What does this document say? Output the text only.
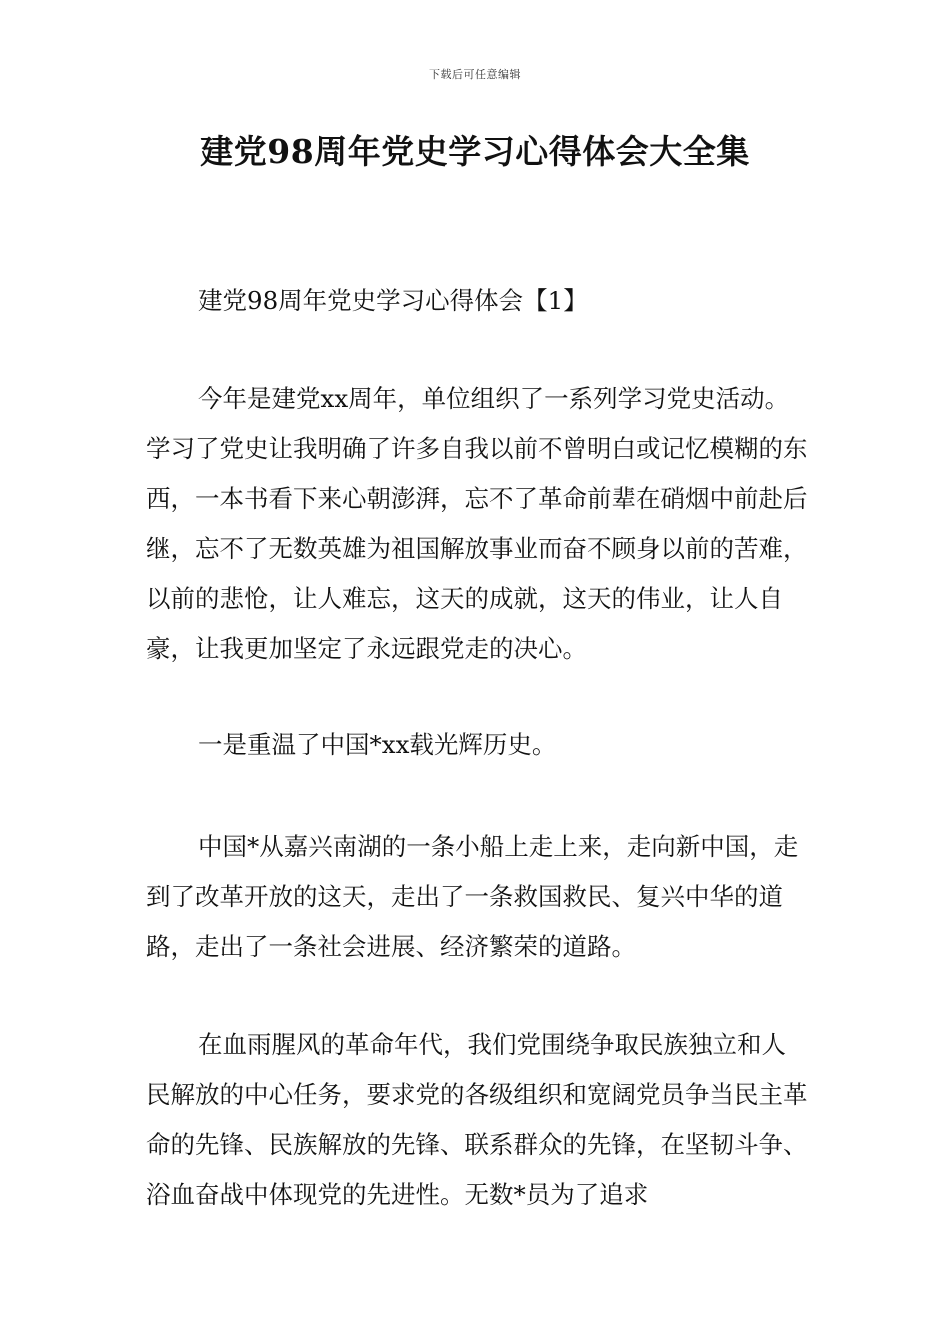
下载后可任意编辑
建党98周年党史学习心得体会大全集

建党98周年党史学习心得体会【1】

今年是建党xx周年，单位组织了一系列学习党史活动。学习了党史让我明确了许多自我以前不曾明白或记忆模糊的东西，一本书看下来心朝澎湃，忘不了革命前辈在硝烟中前赴后继，忘不了无数英雄为祖国解放事业而奋不顾身以前的苦难，以前的悲怆，让人难忘，这天的成就，这天的伟业，让人自豪，让我更加坚定了永远跟党走的决心。

一是重温了中国*xx载光辉历史。

中国*从嘉兴南湖的一条小船上走上来，走向新中国，走到了改革开放的这天，走出了一条救国救民、复兴中华的道路，走出了一条社会进展、经济繁荣的道路。

在血雨腥风的革命年代，我们党围绕争取民族独立和人民解放的中心任务，要求党的各级组织和宽阔党员争当民主革命的先锋、民族解放的先锋、联系群众的先锋，在坚韧斗争、浴血奋战中体现党的先进性。无数*员为了追求
